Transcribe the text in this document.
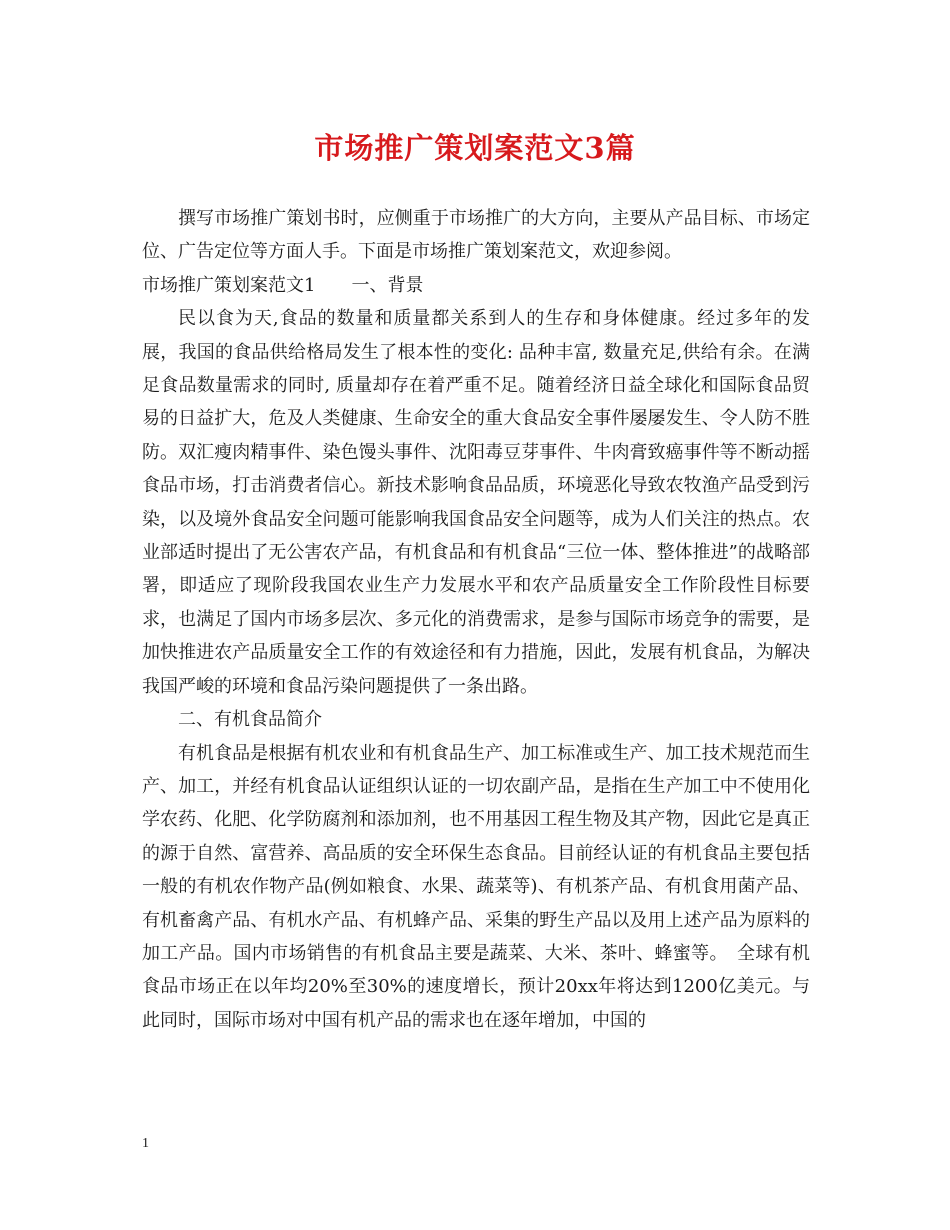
市场推广策划案范文3篇

撰写市场推广策划书时，应侧重于市场推广的大方向，主要从产品目标、市场定位、广告定位等方面人手。下面是市场推广策划案范文，欢迎参阅。

市场推广策划案范文1　　一、背景

民以食为天,食品的数量和质量都关系到人的生存和身体健康。经过多年的发展，我国的食品供给格局发生了根本性的变化: 品种丰富, 数量充足,供给有余。在满足食品数量需求的同时, 质量却存在着严重不足。随着经济日益全球化和国际食品贸易的日益扩大，危及人类健康、生命安全的重大食品安全事件屡屡发生、令人防不胜防。双汇瘦肉精事件、染色馒头事件、沈阳毒豆芽事件、牛肉膏致癌事件等不断动摇食品市场，打击消费者信心。新技术影响食品品质，环境恶化导致农牧渔产品受到污染，以及境外食品安全问题可能影响我国食品安全问题等，成为人们关注的热点。农业部适时提出了无公害农产品，有机食品和有机食品“三位一体、整体推进”的战略部署，即适应了现阶段我国农业生产力发展水平和农产品质量安全工作阶段性目标要求，也满足了国内市场多层次、多元化的消费需求，是参与国际市场竞争的需要，是加快推进农产品质量安全工作的有效途径和有力措施，因此，发展有机食品，为解决我国严峻的环境和食品污染问题提供了一条出路。

二、有机食品简介

有机食品是根据有机农业和有机食品生产、加工标准或生产、加工技术规范而生产、加工，并经有机食品认证组织认证的一切农副产品，是指在生产加工中不使用化学农药、化肥、化学防腐剂和添加剂，也不用基因工程生物及其产物，因此它是真正的源于自然、富营养、高品质的安全环保生态食品。目前经认证的有机食品主要包括一般的有机农作物产品(例如粮食、水果、蔬菜等)、有机茶产品、有机食用菌产品、有机畜禽产品、有机水产品、有机蜂产品、采集的野生产品以及用上述产品为原料的加工产品。国内市场销售的有机食品主要是蔬菜、大米、茶叶、蜂蜜等。　全球有机食品市场正在以年均20%至30%的速度增长，预计20xx年将达到1200亿美元。与此同时，国际市场对中国有机产品的需求也在逐年增加，中国的

1
